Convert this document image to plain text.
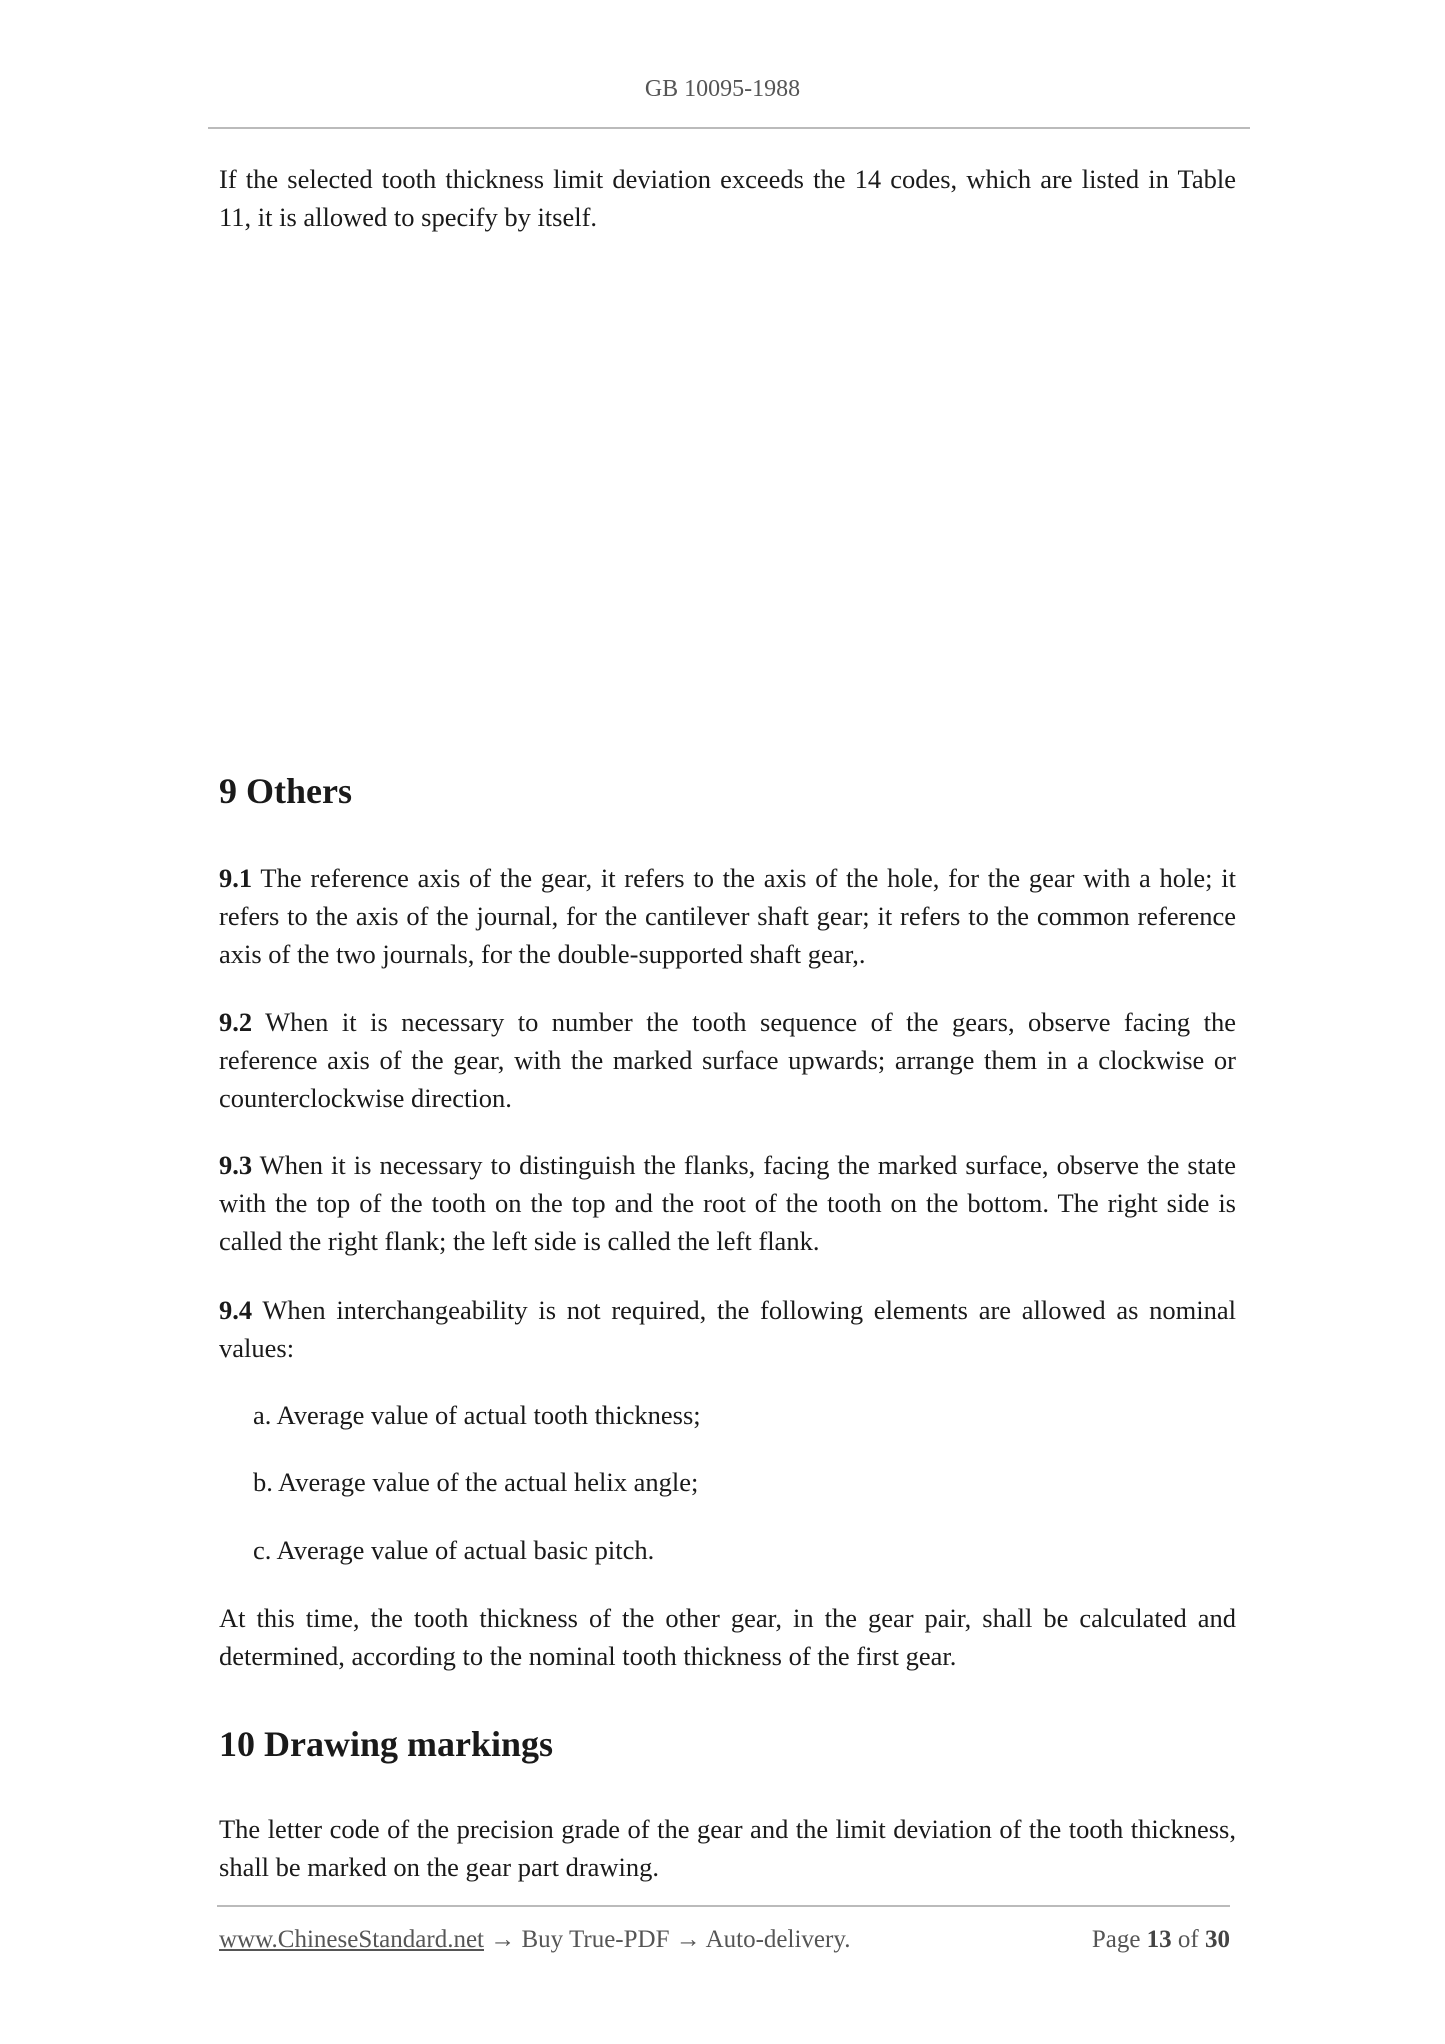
GB 10095-1988
If the selected tooth thickness limit deviation exceeds the 14 codes, which are listed in Table 11, it is allowed to specify by itself.
9 Others
9.1 The reference axis of the gear, it refers to the axis of the hole, for the gear with a hole; it refers to the axis of the journal, for the cantilever shaft gear; it refers to the common reference axis of the two journals, for the double-supported shaft gear,.
9.2 When it is necessary to number the tooth sequence of the gears, observe facing the reference axis of the gear, with the marked surface upwards; arrange them in a clockwise or counterclockwise direction.
9.3 When it is necessary to distinguish the flanks, facing the marked surface, observe the state with the top of the tooth on the top and the root of the tooth on the bottom. The right side is called the right flank; the left side is called the left flank.
9.4 When interchangeability is not required, the following elements are allowed as nominal values:
a. Average value of actual tooth thickness;
b. Average value of the actual helix angle;
c. Average value of actual basic pitch.
At this time, the tooth thickness of the other gear, in the gear pair, shall be calculated and determined, according to the nominal tooth thickness of the first gear.
10 Drawing markings
The letter code of the precision grade of the gear and the limit deviation of the tooth thickness, shall be marked on the gear part drawing.
www.ChineseStandard.net → Buy True-PDF → Auto-delivery.	Page 13 of 30
